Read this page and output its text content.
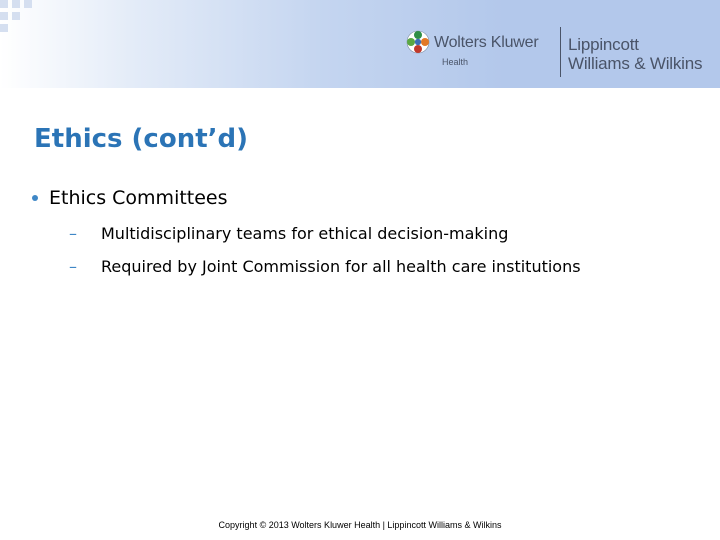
Wolters Kluwer
Health
Lippincott
Williams & Wilkins
Ethics (cont’d)
Ethics Committees
– Multidisciplinary teams for ethical decision‑making
– Required by Joint Commission for all health care institutions
Copyright © 2013 Wolters Kluwer Health | Lippincott Williams & Wilkins
